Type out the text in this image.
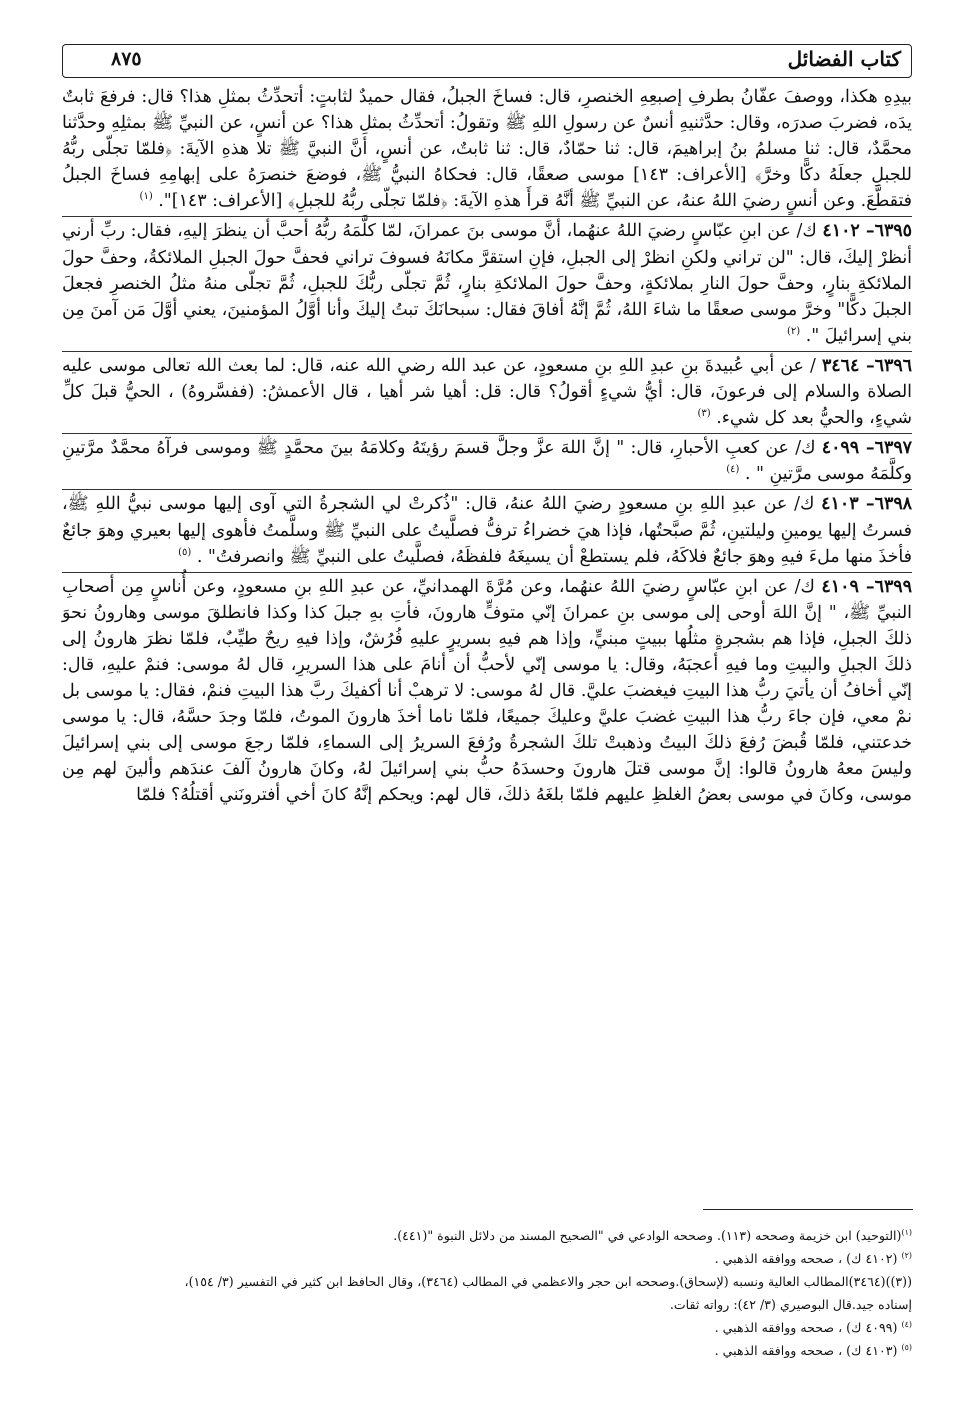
كتاب الفضائل
٨٧٥

بيدِهِ هكذا، ووصفَ عفّانُ بطرفِ إصبعِهِ الخنصرِ، قال: فساخَ الجبلُ، فقال حميدٌ لثابتٍ: أتحدِّثُ بمثلِ هذا؟ قال: فرفعَ ثابتٌ يدَه، فضربَ صدرَه، وقال: حدَّثنيهِ أنسٌ عن رسولِ اللهِ ﷺ وتقولُ: أتحدِّثُ بمثلِ هذا؟ عن أنسٍ، عن النبيِّ ﷺ بمثلِهِ وحدَّثنا محمَّدٌ، قال: ثنا مسلمُ بنُ إبراهيمَ، قال: ثنا حمّادٌ، قال: ثنا ثابتٌ، عن أنسٍ، أنَّ النبيَّ ﷺ تلا هذهِ الآيةَ: ﴿فلمّا تجلّى ربُّهُ للجبلِ جعلَهُ دكًّا وخرَّ﴾ [الأعراف: ١٤٣] موسى صعقًا، قال: فحكاهُ النبيُّ ﷺ، فوضعَ خنصرَهُ على إبهامِهِ فساخَ الجبلُ فتقطَّعَ. وعن أنسٍ رضيَ اللهُ عنهُ، عن النبيِّ ﷺ أنَّهُ قرأَ هذهِ الآيةَ: ﴿فلمّا تجلّى ربُّهُ للجبلِ﴾ [الأعراف: ١٤٣]". $^{(١)}$

٦٣٩٥– ٤١٠٢ ك/ عن ابنِ عبّاسٍ رضيَ اللهُ عنهُما، أنَّ موسى بنَ عمرانَ، لمّا كلَّمَهُ ربُّهُ أحبَّ أن ينظرَ إليهِ، فقال: ربِّ أرني أنظرْ إليكَ، قال: "لن تراني ولكنِ انظرْ إلى الجبلِ، فإنِ استقرَّ مكانَهُ فسوفَ تراني فحفَّ حولَ الجبلِ الملائكةُ، وحفَّ حولَ الملائكةِ بنارٍ، وحفَّ حولَ النارِ بملائكةٍ، وحفَّ حولَ الملائكةِ بنارٍ، ثُمَّ تجلّى ربُّكَ للجبلِ، ثُمَّ تجلّى منهُ مثلُ الخنصرِ فجعلَ الجبلَ دكًّا" وخرَّ موسى صعقًا ما شاءَ اللهُ، ثُمَّ إنَّهُ أفاقَ فقال: سبحانَكَ تبتُ إليكَ وأنا أوَّلُ المؤمنينَ، يعني أوَّلَ مَن آمنَ مِن بني إسرائيلَ ". $^{(٢)}$

٦٣٩٦– ٣٤٦٤ / عن أبي عُبيدةَ بنِ عبدِ اللهِ بنِ مسعودٍ، عن عبد الله رضي الله عنه، قال: لما بعث الله تعالى موسى عليه الصلاة والسلام إلى فرعونَ، قال: أيُّ شيءٍ أقولُ؟ قال: قل: أهيا شر أهيا ، قال الأعمشُ: (ففسَّروهُ) ، الحيُّ قبلَ كلِّ شيءٍ، والحيُّ بعد كل شيء. $^{(٣)}$

٦٣٩٧– ٤٠٩٩ ك/ عن كعبِ الأحبارِ، قال: " إنَّ اللهَ عزَّ وجلَّ قسمَ رؤيتَهُ وكلامَهُ بينَ محمَّدٍ ﷺ وموسى فرآهُ محمَّدٌ مرَّتينِ وكلَّمَهُ موسى مرَّتينِ " . $^{(٤)}$

٦٣٩٨– ٤١٠٣ ك/ عن عبدِ اللهِ بنِ مسعودٍ رضيَ اللهُ عنهُ، قال: "ذُكرتْ لي الشجرةُ التي آوى إليها موسى نبيُّ اللهِ ﷺ، فسرتُ إليها يومينِ وليلتينِ، ثُمَّ صبَّحتُها، فإذا هيَ خضراءُ ترفُّ فصلَّيتُ على النبيِّ ﷺ وسلَّمتُ فأهوى إليها بعيري وهوَ جائعٌ فأخذَ منها ملءَ فيهِ وهوَ جائعٌ فلاكَهُ، فلم يستطعْ أن يسيغَهُ فلفظَهُ، فصلَّيتُ على النبيِّ ﷺ وانصرفتُ" . $^{(٥)}$

٦٣٩٩– ٤١٠٩ ك/ عن ابنِ عبّاسٍ رضيَ اللهُ عنهُما، وعن مُرَّةَ الهمدانيِّ، عن عبدِ اللهِ بنِ مسعودٍ، وعن أُناسٍ مِن أصحابِ النبيِّ ﷺ، " إنَّ اللهَ أوحى إلى موسى بنِ عمرانَ إنّي متوفٍّ هارونَ، فأتِ بهِ جبلَ كذا وكذا فانطلقَ موسى وهارونُ نحوَ ذلكَ الجبلِ، فإذا هم بشجرةٍ مثلُها ببيتٍ مبنيٍّ، وإذا هم فيهِ بسريرٍ عليهِ فُرُشٌ، وإذا فيهِ ريحٌ طيِّبٌ، فلمّا نظرَ هارونُ إلى ذلكَ الجبلِ والبيتِ وما فيهِ أعجبَهُ، وقال: يا موسى إنّي لأحبُّ أن أنامَ على هذا السريرِ، قال لهُ موسى: فنمْ عليهِ، قال: إنّي أخافُ أن يأتيَ ربُّ هذا البيتِ فيغضبَ عليَّ. قال لهُ موسى: لا ترهبْ أنا أكفيكَ ربَّ هذا البيتِ فنمْ، فقال: يا موسى بل نمْ معي، فإن جاءَ ربُّ هذا البيتِ غضبَ عليَّ وعليكَ جميعًا، فلمّا ناما أخذَ هارونَ الموتُ، فلمّا وجدَ حسَّهُ، قال: يا موسى خدعتني، فلمّا قُبضَ رُفعَ ذلكَ البيتُ وذهبتْ تلكَ الشجرةُ ورُفعَ السريرُ إلى السماءِ، فلمّا رجعَ موسى إلى بني إسرائيلَ وليسَ معهُ هارونُ قالوا: إنَّ موسى قتلَ هارونَ وحسدَهُ حبُّ بني إسرائيلَ لهُ، وكانَ هارونُ آلفَ عندَهم وألينَ لهم مِن موسى، وكانَ في موسى بعضُ الغلظِ عليهم فلمّا بلغَهُ ذلكَ، قال لهم: ويحكم إنَّهُ كانَ أخي أفترونَني أقتلُهُ؟ فلمّا

$^{(١)}$(التوحيد) ابن خزيمة وصححه (١١٣). وصححه الوادعي في "الصحيح المسند من دلائل النبوة "(٤٤١).

$^{(٢)}$ (٤١٠٢ ك) ، صححه ووافقه الذهبي .

((٣))(٣٤٦٤)المطالب العالية ونسبه (لإسحاق).وصححه ابن حجر والاعظمي في المطالب (٣٤٦٤)، وقال الحافظ ابن كثير في التفسير (٣/ ١٥٤)،

إسناده جيد.قال البوصيري (٣/ ٤٢): رواته ثقات.

$^{(٤)}$ (٤٠٩٩ ك) ، صححه ووافقه الذهبي .

$^{(٥)}$ (٤١٠٣ ك) ، صححه ووافقه الذهبي .
